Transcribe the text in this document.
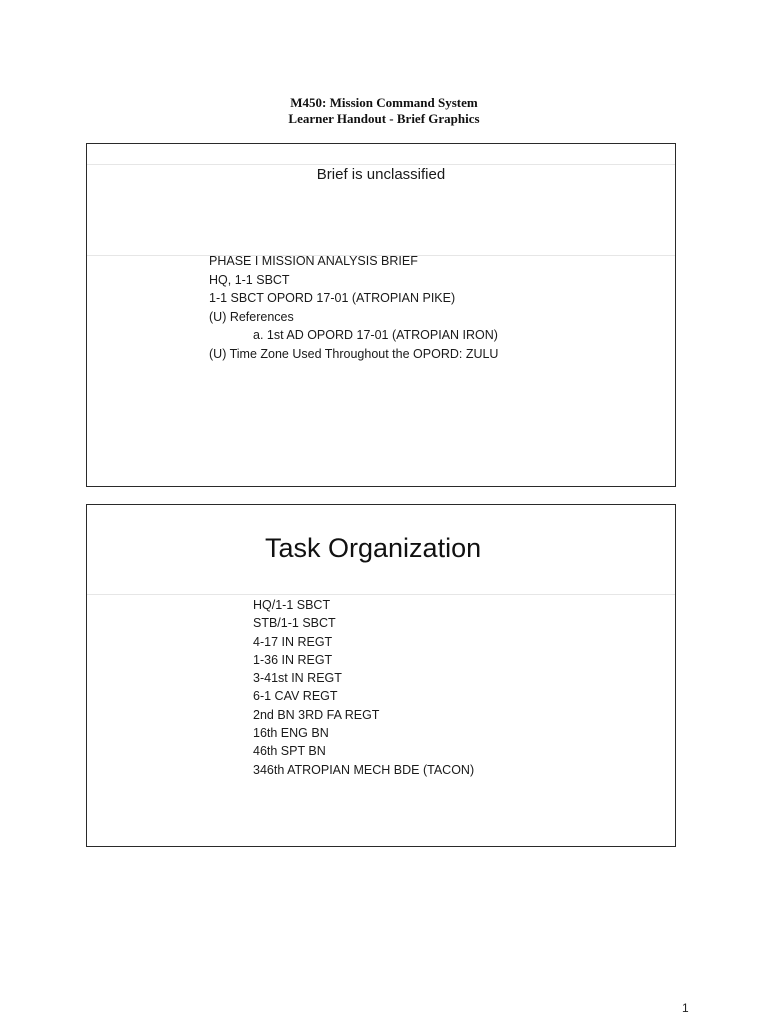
M450: Mission Command System
Learner Handout - Brief Graphics
Brief is unclassified
PHASE I MISSION ANALYSIS BRIEF
HQ, 1-1 SBCT
1-1 SBCT OPORD 17-01 (ATROPIAN PIKE)
(U) References
a. 1st AD OPORD 17-01 (ATROPIAN IRON)
(U) Time Zone Used Throughout the OPORD: ZULU
Task Organization
HQ/1-1 SBCT
STB/1-1 SBCT
4-17 IN REGT
1-36 IN REGT
3-41st IN REGT
6-1 CAV REGT
2nd BN 3RD FA REGT
16th ENG BN
46th SPT BN
346th ATROPIAN MECH BDE (TACON)
1
